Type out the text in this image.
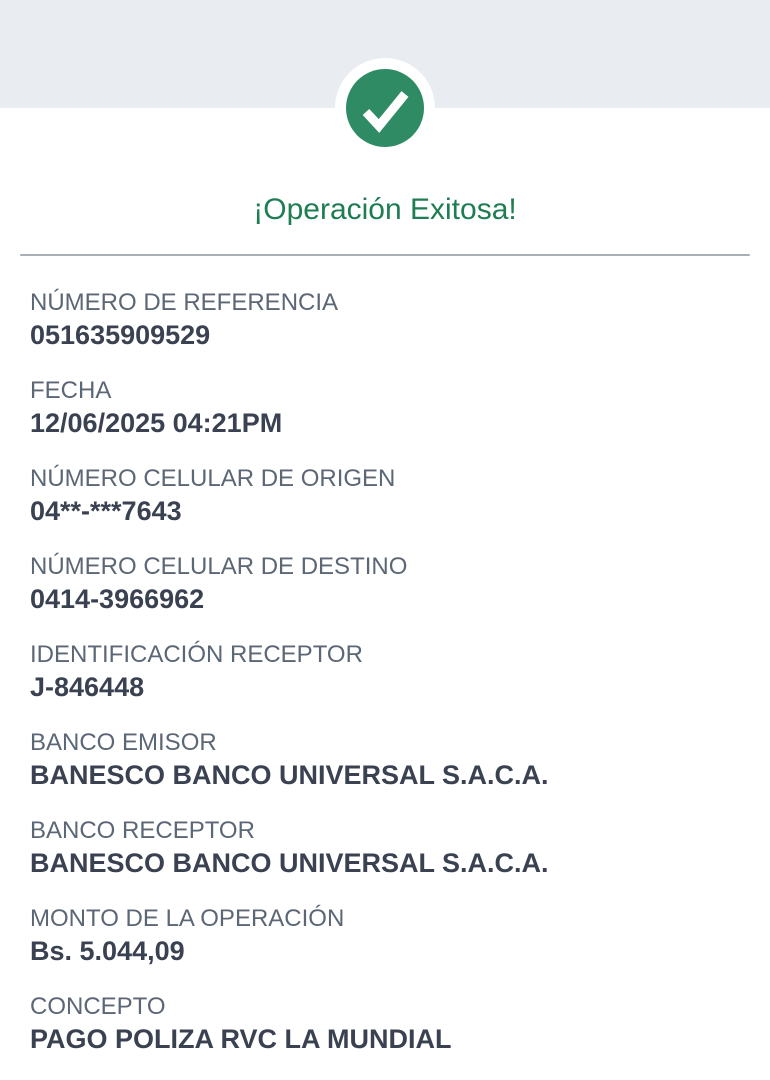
¡Operación Exitosa!
NÚMERO DE REFERENCIA
051635909529
FECHA
12/06/2025 04:21PM
NÚMERO CELULAR DE ORIGEN
04**-***7643
NÚMERO CELULAR DE DESTINO
0414-3966962
IDENTIFICACIÓN RECEPTOR
J-846448
BANCO EMISOR
BANESCO BANCO UNIVERSAL S.A.C.A.
BANCO RECEPTOR
BANESCO BANCO UNIVERSAL S.A.C.A.
MONTO DE LA OPERACIÓN
Bs. 5.044,09
CONCEPTO
PAGO POLIZA RVC LA MUNDIAL
